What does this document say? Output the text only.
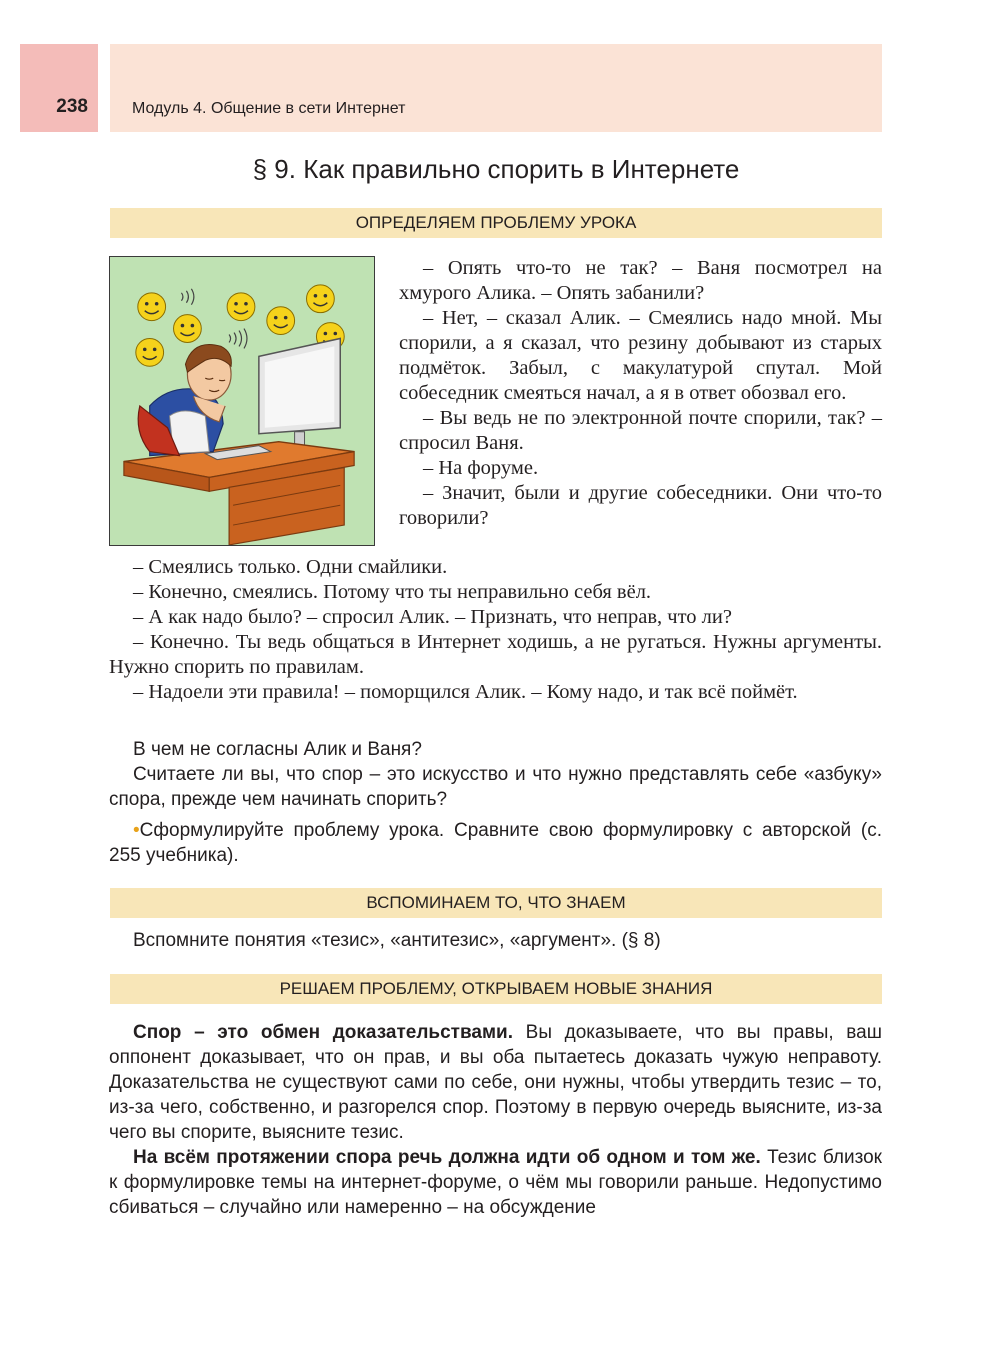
238	Модуль 4. Общение в сети Интернет
§ 9. Как правильно спорить в Интернете
ОПРЕДЕЛЯЕМ ПРОБЛЕМУ УРОКА

– Опять что-то не так? – Ваня посмотрел на хмурого Алика. – Опять забанили?

– Нет, – сказал Алик. – Смеялись надо мной. Мы спорили, а я сказал, что резину добывают из старых подмёток. Забыл, с макулатурой спутал. Мой собеседник смеяться начал, а я в ответ обозвал его.

– Вы ведь не по электронной почте спорили, так? – спросил Ваня.

– На форуме.

– Значит, были и другие собеседники. Они что-то говорили?

– Смеялись только. Одни смайлики.

– Конечно, смеялись. Потому что ты неправильно себя вёл.

– А как надо было? – спросил Алик. – Признать, что неправ, что ли?

– Конечно. Ты ведь общаться в Интернет ходишь, а не ругаться. Нужны аргументы. Нужно спорить по правилам.

– Надоели эти правила! – поморщился Алик. – Кому надо, и так всё поймёт.

В чем не согласны Алик и Ваня?

Считаете ли вы, что спор – это искусство и что нужно представлять себе «азбуку» спора, прежде чем начинать спорить?

•Сформулируйте проблему урока. Сравните свою формулировку с авторской (с. 255 учебника).

ВСПОМИНАЕМ ТО, ЧТО ЗНАЕМ

Вспомните понятия «тезис», «антитезис», «аргумент». (§ 8)

РЕШАЕМ ПРОБЛЕМУ, ОТКРЫВАЕМ НОВЫЕ ЗНАНИЯ

Спор – это обмен доказательствами. Вы доказываете, что вы правы, ваш оппонент доказывает, что он прав, и вы оба пытаетесь доказать чужую неправоту. Доказательства не существуют сами по себе, они нужны, чтобы утвердить тезис – то, из-за чего, собственно, и разгорелся спор. Поэтому в первую очередь выясните, из-за чего вы спорите, выясните тезис.

На всём протяжении спора речь должна идти об одном и том же. Тезис близок к формулировке темы на интернет-форуме, о чём мы говорили раньше. Недопустимо сбиваться – случайно или намеренно – на обсуждение
